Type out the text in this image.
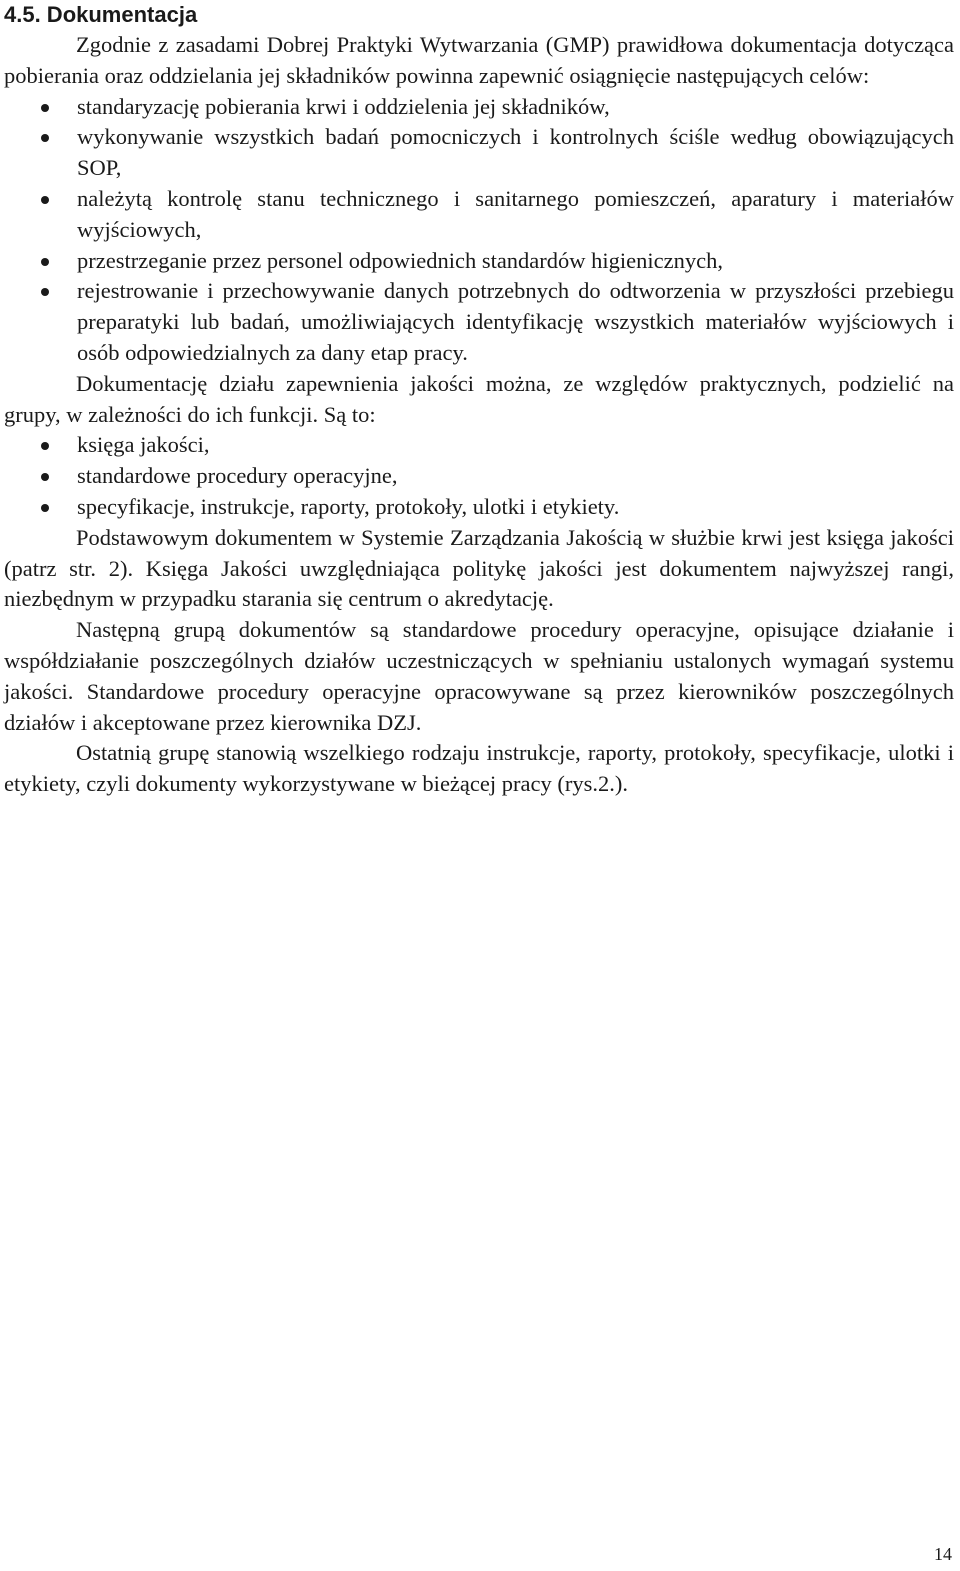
4.5. Dokumentacja

Zgodnie z zasadami Dobrej Praktyki Wytwarzania (GMP) prawidłowa dokumentacja dotycząca pobierania oraz oddzielania jej składników powinna zapewnić osiągnięcie następujących celów:

standaryzację pobierania krwi i oddzielenia jej składników,
wykonywanie wszystkich badań pomocniczych i kontrolnych ściśle według obowiązujących SOP,
należytą kontrolę stanu technicznego i sanitarnego pomieszczeń, aparatury i materiałów wyjściowych,
przestrzeganie przez personel odpowiednich standardów higienicznych,
rejestrowanie i przechowywanie danych potrzebnych do odtworzenia w przyszłości przebiegu preparatyki lub badań, umożliwiających identyfikację wszystkich materiałów wyjściowych i osób odpowiedzialnych za dany etap pracy.

Dokumentację działu zapewnienia jakości można, ze względów praktycznych, podzielić na grupy, w zależności do ich funkcji. Są to:

księga jakości,
standardowe procedury operacyjne,
specyfikacje, instrukcje, raporty, protokoły, ulotki i etykiety.

Podstawowym dokumentem w Systemie Zarządzania Jakością w służbie krwi jest księga jakości (patrz str. 2). Księga Jakości uwzględniająca politykę jakości jest dokumentem najwyższej rangi, niezbędnym w przypadku starania się centrum o akredytację.

Następną grupą dokumentów są standardowe procedury operacyjne, opisujące działanie i współdziałanie poszczególnych działów uczestniczących w spełnianiu ustalonych wymagań systemu jakości. Standardowe procedury operacyjne opracowywane są przez kierowników poszczególnych działów i akceptowane przez kierownika DZJ.

Ostatnią grupę stanowią wszelkiego rodzaju instrukcje, raporty, protokoły, specyfikacje, ulotki i etykiety, czyli dokumenty wykorzystywane w bieżącej pracy (rys.2.).

14
